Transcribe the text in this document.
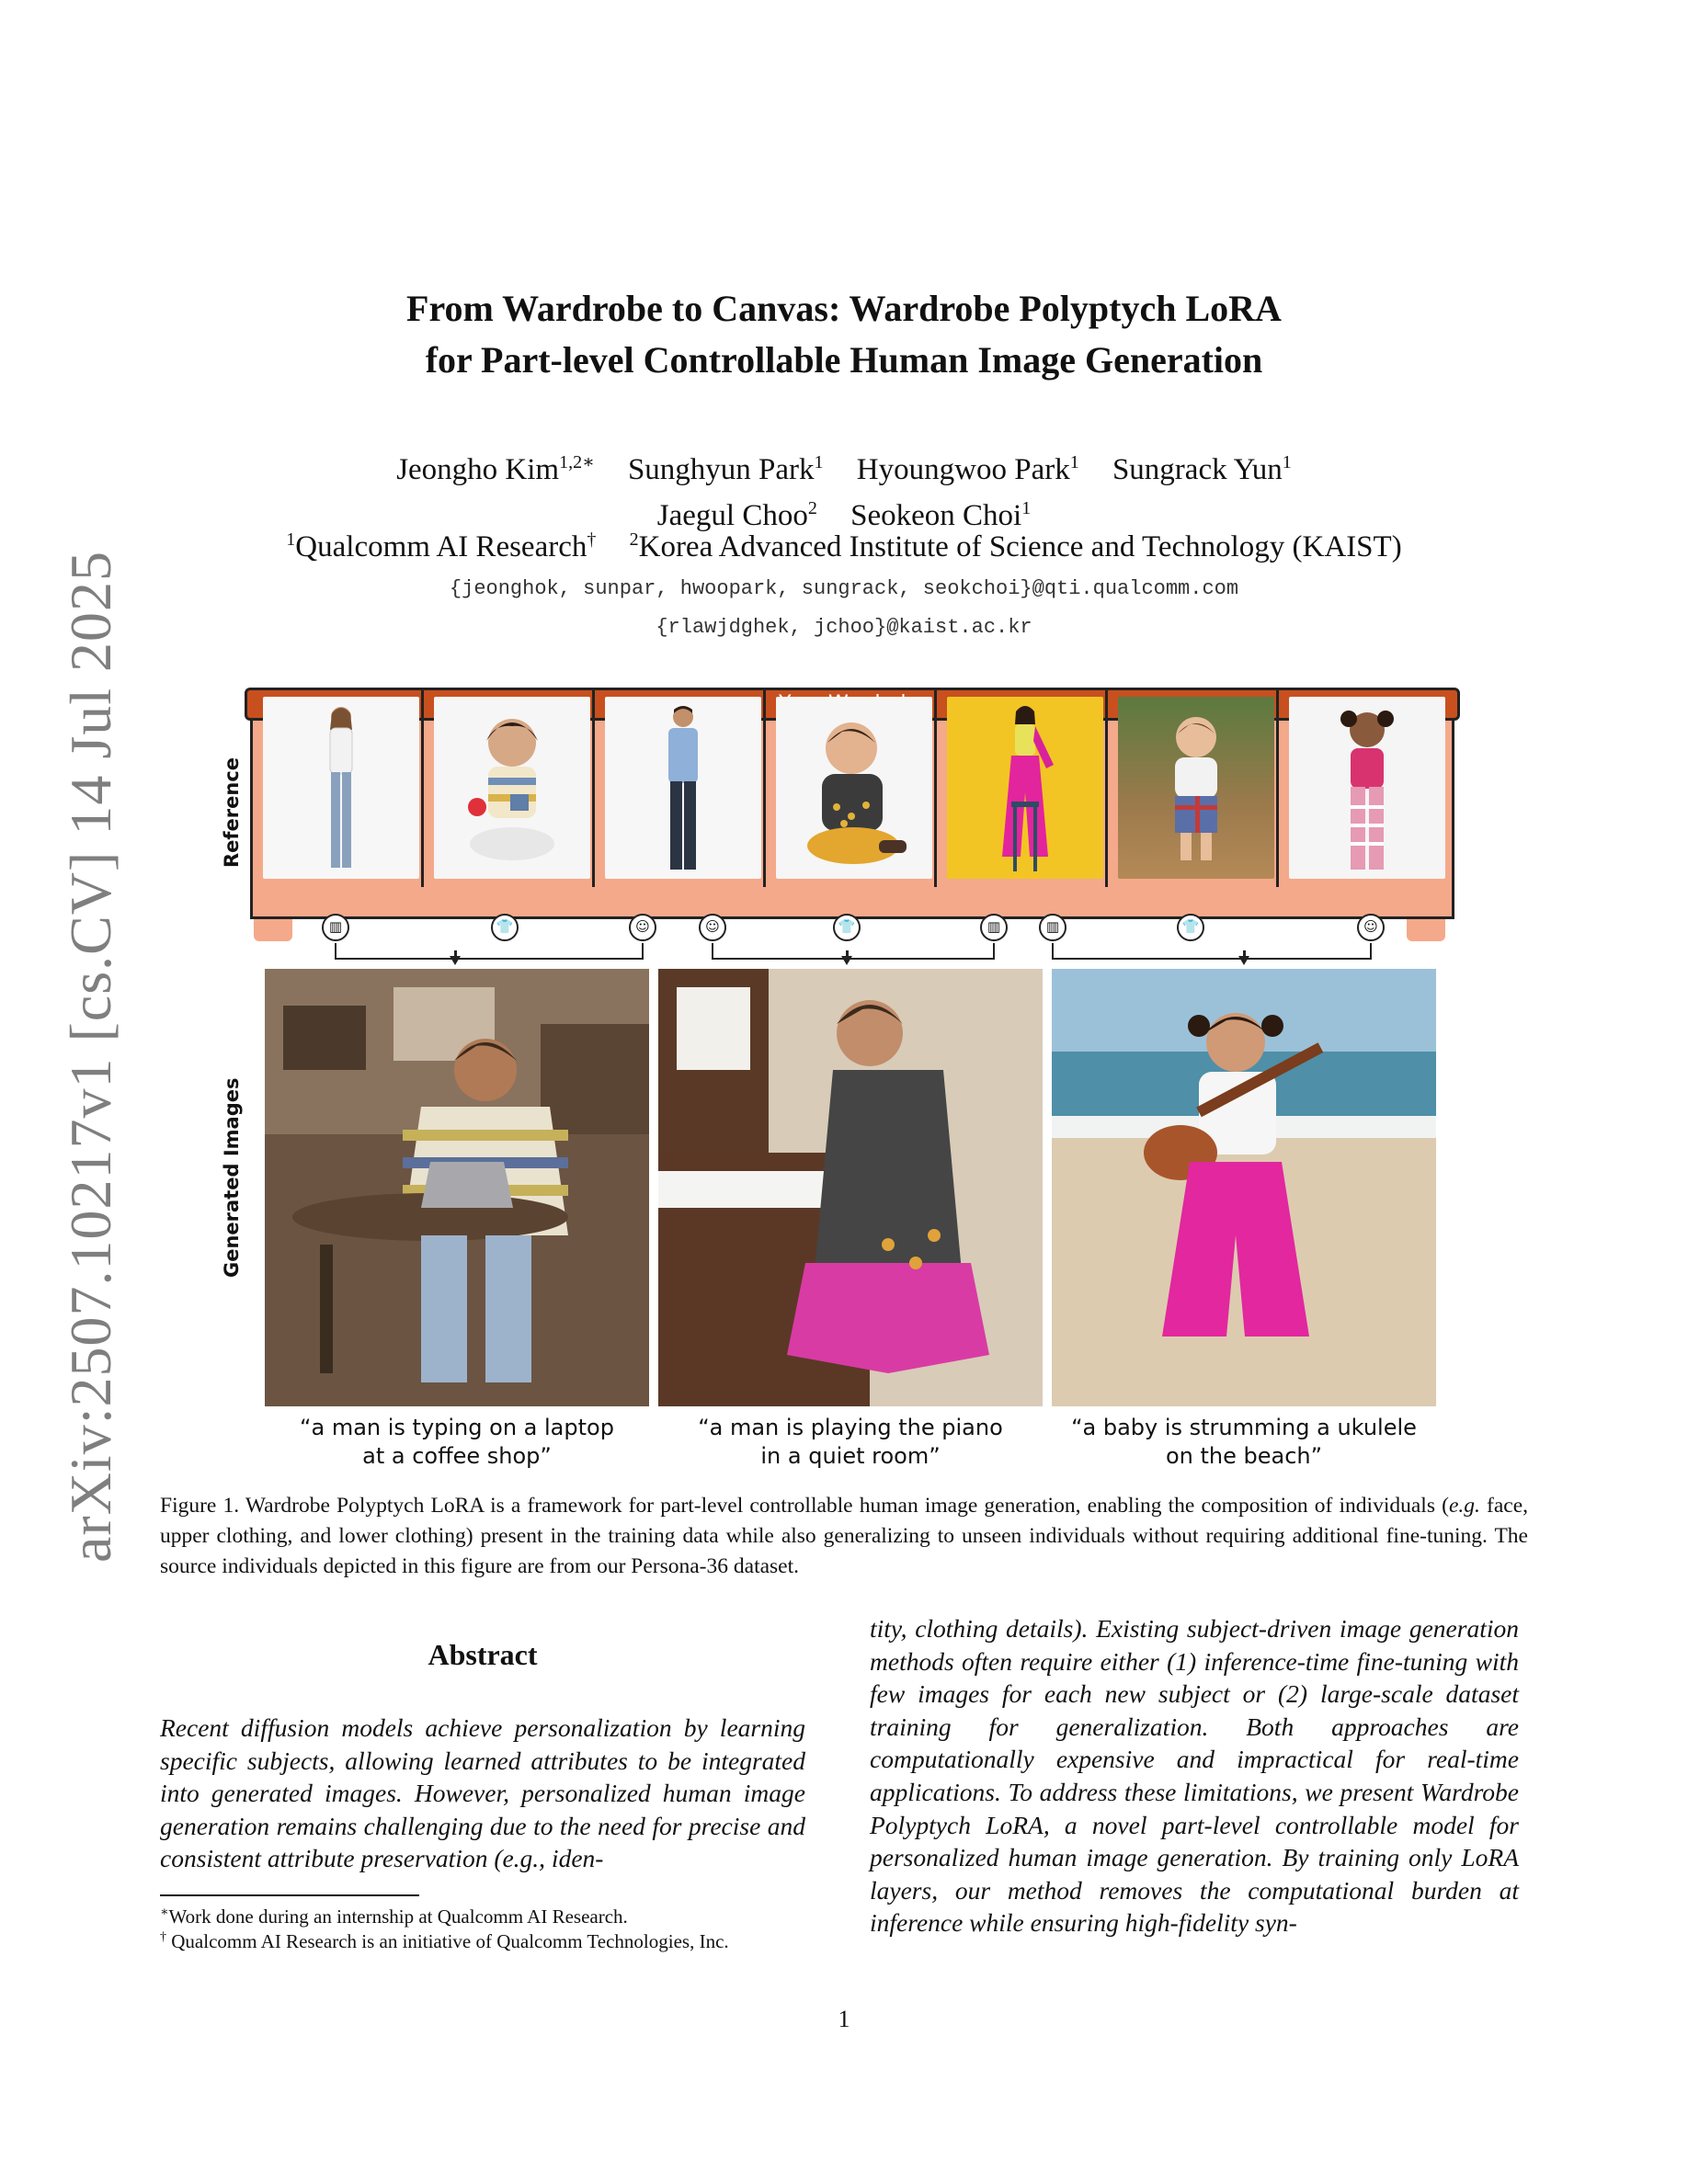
arXiv:2507.10217v1 [cs.CV] 14 Jul 2025
From Wardrobe to Canvas: Wardrobe Polyptych LoRA
for Part-level Controllable Human Image Generation
Jeongho Kim$^{1,2∗}$ Sunghyun Park$^1$ Hyoungwoo Park$^1$ Sungrack Yun$^1$
Jaegul Choo$^2$ Seokeon Choi$^1$
$^1$Qualcomm AI Research† $^2$Korea Advanced Institute of Science and Technology (KAIST)
{jeonghok, sunpar, hwoopark, sungrack, seokchoi}@qti.qualcomm.com
{rlawjdghek, jchoo}@kaist.ac.kr
Reference
Generated Images
▥	👕	☺	☺	👕	▥	▥	👕	☺
“a man is typing on a laptop
at a coffee shop”
“a man is playing the piano
in a quiet room”
“a baby is strumming a ukulele
on the beach”
Figure 1. Wardrobe Polyptych LoRA is a framework for part-level controllable human image generation, enabling the composition of individuals (e.g. face, upper clothing, and lower clothing) present in the training data while also generalizing to unseen individuals without requiring additional fine-tuning. The source individuals depicted in this figure are from our Persona-36 dataset.
Abstract
Recent diffusion models achieve personalization by learning specific subjects, allowing learned attributes to be integrated into generated images. However, personalized human image generation remains challenging due to the need for precise and consistent attribute preservation (e.g., iden-
tity, clothing details). Existing subject-driven image generation methods often require either (1) inference-time fine-tuning with few images for each new subject or (2) large-scale dataset training for generalization. Both approaches are computationally expensive and impractical for real-time applications. To address these limitations, we present Wardrobe Polyptych LoRA, a novel part-level controllable model for personalized human image generation. By training only LoRA layers, our method removes the computational burden at inference while ensuring high-fidelity syn-
∗Work done during an internship at Qualcomm AI Research.
† Qualcomm AI Research is an initiative of Qualcomm Technologies, Inc.
1
